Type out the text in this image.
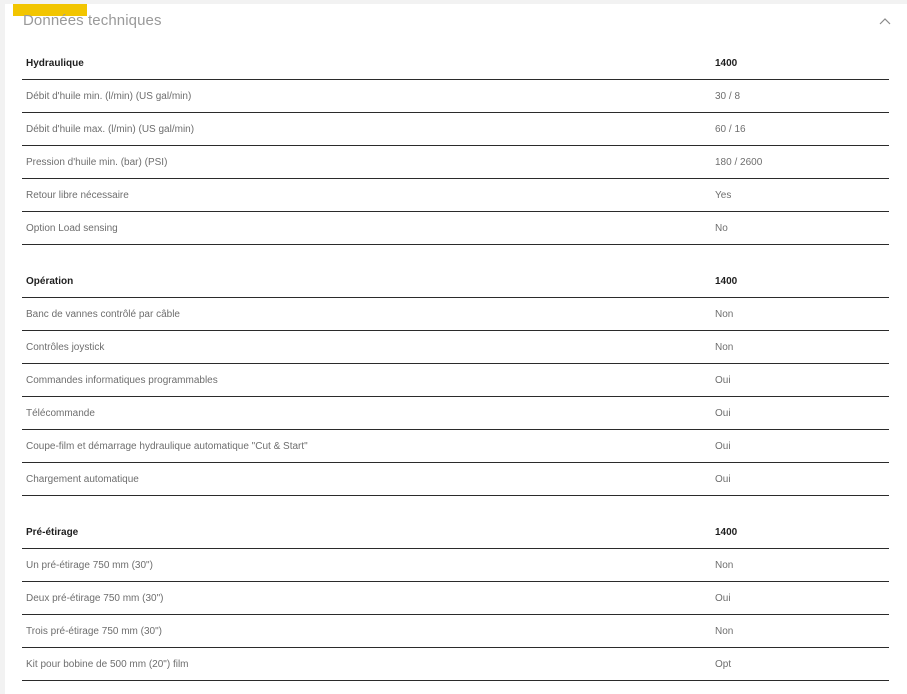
Données techniques
Hydraulique	1400
Débit d'huile min. (l/min) (US gal/min)	30 / 8
Débit d'huile max. (l/min) (US gal/min)	60 / 16
Pression d'huile min. (bar) (PSI)	180 / 2600
Retour libre nécessaire	Yes
Option Load sensing	No
Opération	1400
Banc de vannes contrôlé par câble	Non
Contrôles joystick	Non
Commandes informatiques programmables	Oui
Télécommande	Oui
Coupe-film et démarrage hydraulique automatique "Cut & Start"	Oui
Chargement automatique	Oui
Pré-étirage	1400
Un pré-étirage 750 mm (30")	Non
Deux pré-étirage 750 mm (30")	Oui
Trois pré-étirage 750 mm (30")	Non
Kit pour bobine de 500 mm (20") film	Opt
